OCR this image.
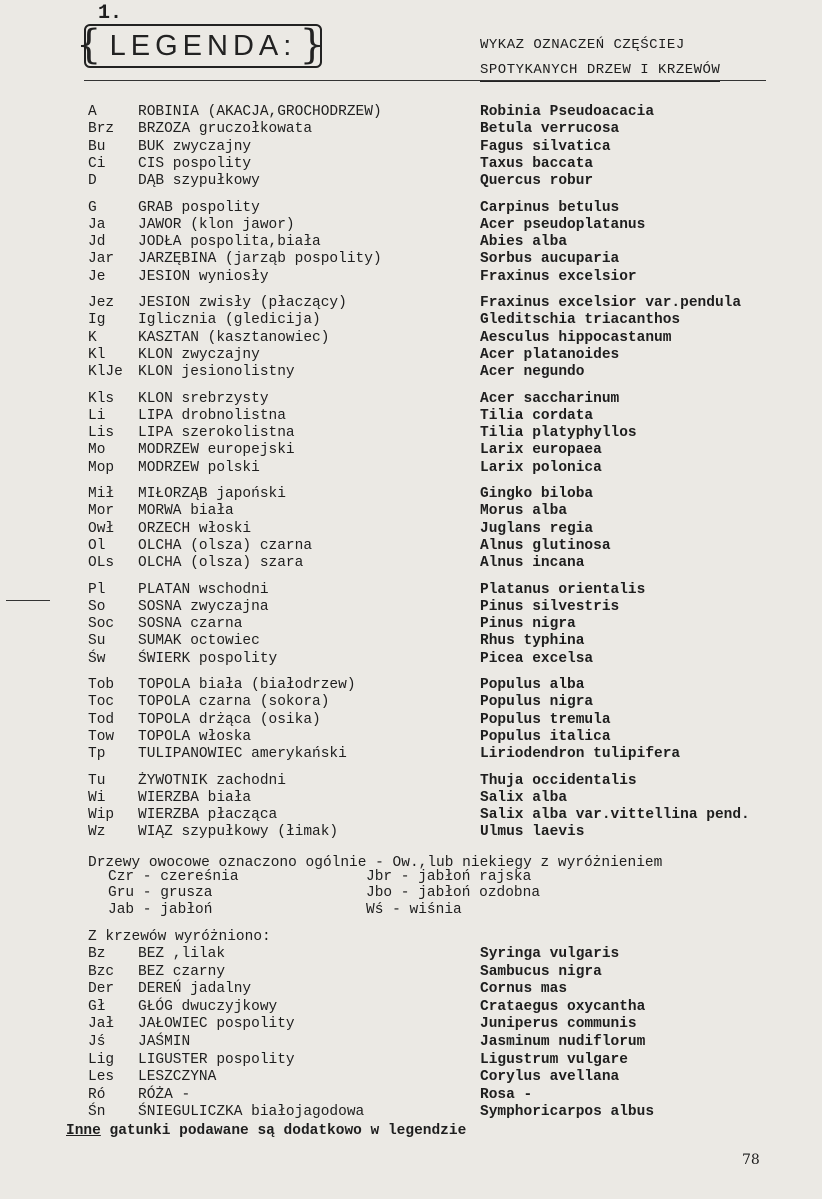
1.
{ LEGENDA: }	WYKAZ OZNACZEŃ CZĘŚCIEJ
SPOTYKANYCH DRZEW I KRZEWÓW
A	ROBINIA (AKACJA,GROCHODRZEW)	Robinia Pseudoacacia
Brz BRZOZA gruczołkowata	Betula verrucosa
Bu BUK zwyczajny	Fagus silvatica
Ci CIS pospolity	Taxus baccata
D	DĄB szypułkowy	Quercus robur
G	GRAB pospolity	Carpinus betulus
Ja JAWOR (klon jawor)	Acer pseudoplatanus
Jd JODŁA pospolita,biała	Abies alba
Jar JARZĘBINA (jarząb pospolity)	Sorbus aucuparia
Je JESION wyniosły	Fraxinus excelsior
Jez JESION zwisły (płaczący)	Fraxinus excelsior var.pendula
Ig Iglicznia (gledicija)	Gleditschia triacanthos
K	KASZTAN (kasztanowiec)	Aesculus hippocastanum
Kl KLON zwyczajny	Acer platanoides
KlJe KLON jesionolistny	Acer negundo
Kls KLON srebrzysty	Acer saccharinum
Li LIPA drobnolistna	Tilia cordata
Lis LIPA szerokolistna	Tilia platyphyllos
Mo MODRZEW europejski	Larix europaea
Mop MODRZEW polski	Larix polonica
Mił MIŁORZĄB japoński	Gingko biloba
Mor MORWA biała	Morus alba
Owł ORZECH włoski	Juglans regia
Ol OLCHA (olsza) czarna	Alnus glutinosa
OLs OLCHA (olsza) szara	Alnus incana
Pl PLATAN wschodni	Platanus orientalis
So SOSNA zwyczajna	Pinus silvestris
Soc SOSNA czarna	Pinus nigra
Su SUMAK octowiec	Rhus typhina
Św ŚWIERK pospolity	Picea excelsa
Tob TOPOLA biała (białodrzew)	Populus alba
Toc TOPOLA czarna (sokora)	Populus nigra
Tod TOPOLA drżąca (osika)	Populus tremula
Tow TOPOLA włoska	Populus italica
Tp TULIPANOWIEC amerykański	Liriodendron tulipifera
Tu ŻYWOTNIK zachodni	Thuja occidentalis
Wi WIERZBA biała	Salix alba
Wip WIERZBA płacząca	Salix alba var.vittellina pend.
Wz WIĄZ szypułkowy (łimak)	Ulmus laevis
Drzewy owocowe oznaczono ogólnie - Ow.,lub niekiegy z wyróżnieniem
Czr - czereśnia	Jbr - jabłoń rajska
Gru - grusza	Jbo - jabłoń ozdobna
Jab - jabłoń	Wś - wiśnia
Z krzewów wyróżniono:
Bz BEZ ,lilak	Syringa vulgaris
Bzc BEZ czarny	Sambucus nigra
Der DEREŃ jadalny	Cornus mas
Gł GŁÓG dwuczyjkowy	Crataegus oxycantha
Jał JAŁOWIEC pospolity	Juniperus communis
Jś JAŚMIN	Jasminum nudiflorum
Lig LIGUSTER pospolity	Ligustrum vulgare
Les LESZCZYNA	Corylus avellana
Ró RÓŻA -	Rosa -
Śn ŚNIEGULICZKA białojagodowa	Symphoricarpos albus
Inne gatunki podawane są dodatkowo w legendzie
78
